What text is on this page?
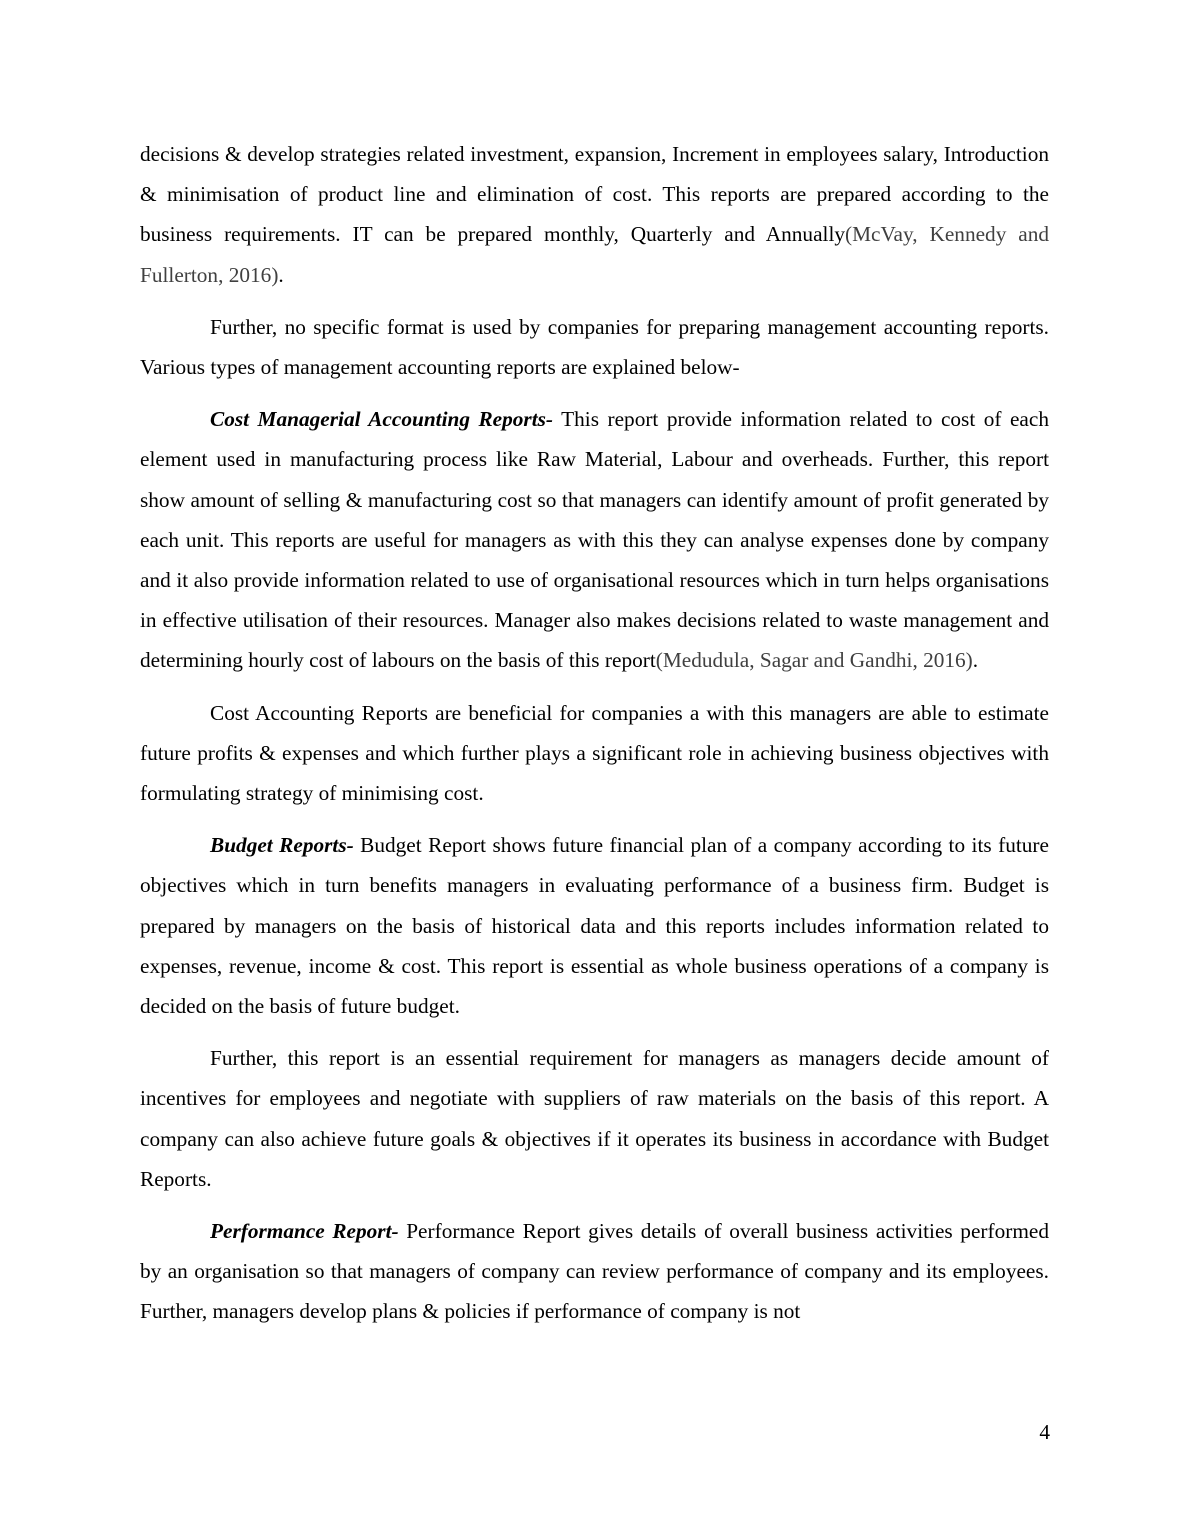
decisions & develop strategies related investment, expansion, Increment in employees salary, Introduction & minimisation of product line and elimination of cost. This reports are prepared according to the business requirements. IT can be prepared monthly, Quarterly and Annually(McVay, Kennedy and Fullerton, 2016).

Further, no specific format is used by companies for preparing management accounting reports. Various types of management accounting reports are explained below-

Cost Managerial Accounting Reports- This report provide information related to cost of each element used in manufacturing process like Raw Material, Labour and overheads. Further, this report show amount of selling & manufacturing cost so that managers can identify amount of profit generated by each unit. This reports are useful for managers as with this they can analyse expenses done by company and it also provide information related to use of organisational resources which in turn helps organisations in effective utilisation of their resources. Manager also makes decisions related to waste management and determining hourly cost of labours on the basis of this report(Medudula, Sagar and Gandhi, 2016).

Cost Accounting Reports are beneficial for companies a with this managers are able to estimate future profits & expenses and which further plays a significant role in achieving business objectives with formulating strategy of minimising cost.

Budget Reports- Budget Report shows future financial plan of a company according to its future objectives which in turn benefits managers in evaluating performance of a business firm. Budget is prepared by managers on the basis of historical data and this reports includes information related to expenses, revenue, income & cost. This report is essential as whole business operations of a company is decided on the basis of future budget.

Further, this report is an essential requirement for managers as managers decide amount of incentives for employees and negotiate with suppliers of raw materials on the basis of this report. A company can also achieve future goals & objectives if it operates its business in accordance with Budget Reports.

Performance Report- Performance Report gives details of overall business activities performed by an organisation so that managers of company can review performance of company and its employees. Further, managers develop plans & policies if performance of company is not

4
